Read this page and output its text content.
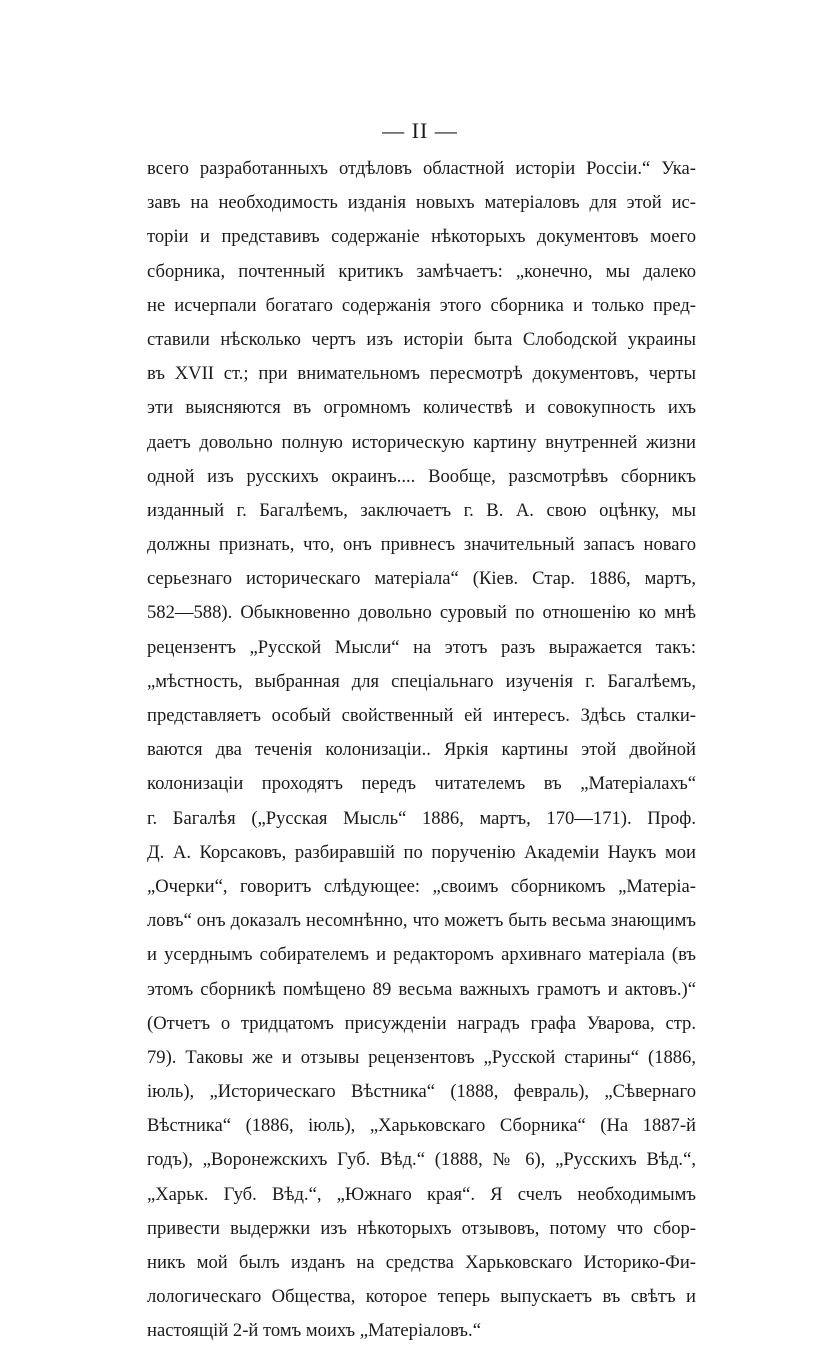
— II —
всего разработанныхъ отдѣловъ областной исторіи Россіи.“ Ука-
завъ на необходимость изданія новыхъ матеріаловъ для этой ис-
торіи и представивъ содержаніе нѣкоторыхъ документовъ моего
сборника, почтенный критикъ замѣчаетъ: „конечно, мы далеко
не исчерпали богатаго содержанія этого сборника и только пред-
ставили нѣсколько чертъ изъ исторіи быта Слободской украины
въ XVII ст.; при внимательномъ пересмотрѣ документовъ, черты
эти выясняются въ огромномъ количествѣ и совокупность ихъ
даетъ довольно полную историческую картину внутренней жизни
одной изъ русскихъ окраинъ.... Вообще, разсмотрѣвъ сборникъ
изданный г. Багалѣемъ, заключаетъ г. В. А. свою оцѣнку, мы
должны признать, что, онъ привнесъ значительный запасъ новаго
серьезнаго историческаго матеріала“ (Кіев. Стар. 1886, мартъ,
582—588). Обыкновенно довольно суровый по отношенію ко мнѣ
рецензентъ „Русской Мысли“ на этотъ разъ выражается такъ:
„мѣстность, выбранная для спеціальнаго изученія г. Багалѣемъ,
представляетъ особый свойственный ей интересъ. Здѣсь сталки-
ваются два теченія колонизаціи.. Яркія картины этой двойной
колонизаціи проходятъ передъ читателемъ въ „Матеріалахъ“
г. Багалѣя („Русская Мысль“ 1886, мартъ, 170—171). Проф.
Д. А. Корсаковъ, разбиравшій по порученію Академіи Наукъ мои
„Очерки“, говоритъ слѣдующее: „своимъ сборникомъ „Матеріа-
ловъ“ онъ доказалъ несомнѣнно, что можетъ быть весьма знающимъ
и усерднымъ собирателемъ и редакторомъ архивнаго матеріала (въ
этомъ сборникѣ помѣщено 89 весьма важныхъ грамотъ и актовъ.)“
(Отчетъ о тридцатомъ присужденіи наградъ графа Уварова, стр.
79). Таковы же и отзывы рецензентовъ „Русской старины“ (1886,
іюль), „Историческаго Вѣстника“ (1888, февраль), „Сѣвернаго
Вѣстника“ (1886, іюль), „Харьковскаго Сборника“ (На 1887-й
годъ), „Воронежскихъ Губ. Вѣд.“ (1888, № 6), „Русскихъ Вѣд.“,
„Харьк. Губ. Вѣд.“, „Южнаго края“. Я счелъ необходимымъ
привести выдержки изъ нѣкоторыхъ отзывовъ, потому что сбор-
никъ мой былъ изданъ на средства Харьковскаго Историко-Фи-
лологическаго Общества, которое теперь выпускаетъ въ свѣтъ и
настоящій 2-й томъ моихъ „Матеріаловъ.“
